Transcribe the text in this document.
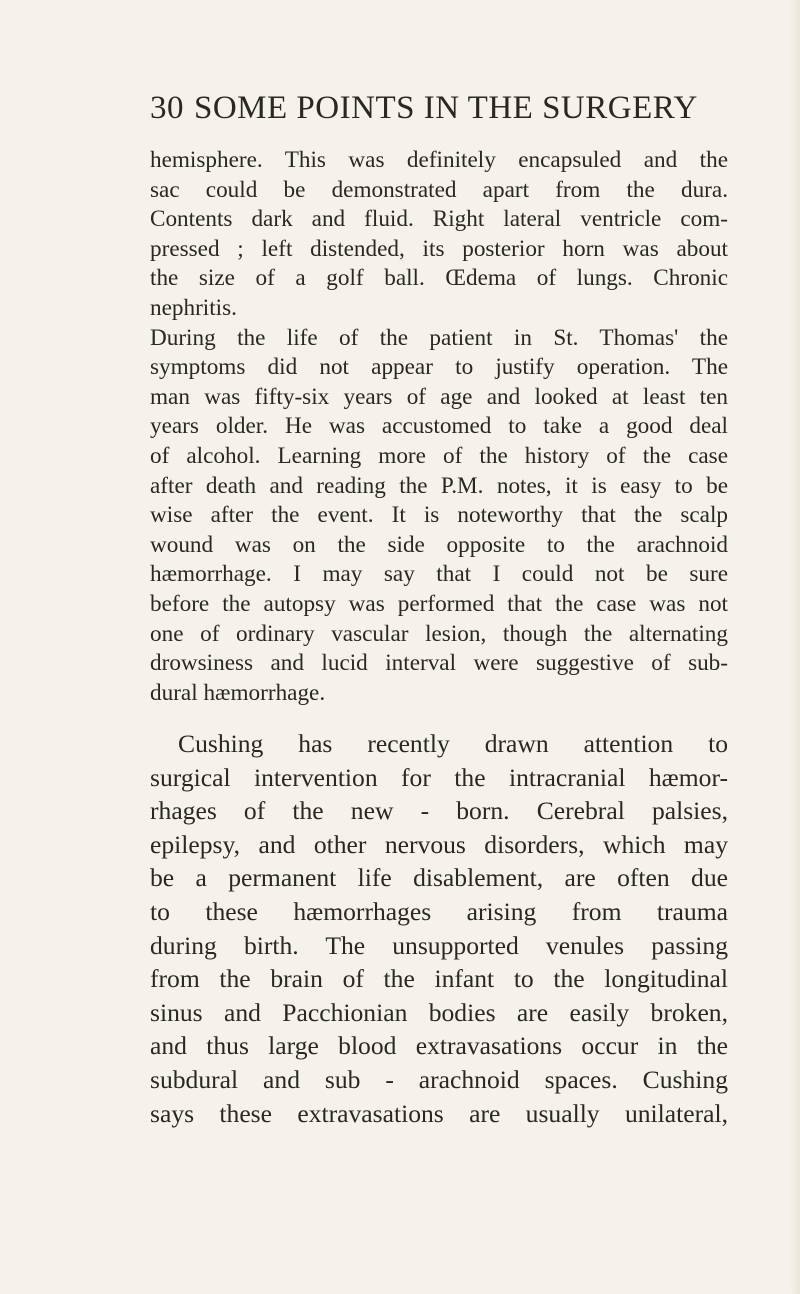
30 SOME POINTS IN THE SURGERY
hemisphere. This was definitely encapsuled and the
sac could be demonstrated apart from the dura.
Contents dark and fluid. Right lateral ventricle com-
pressed ; left distended, its posterior horn was about
the size of a golf ball. Œdema of lungs. Chronic
nephritis.
During the life of the patient in St. Thomas' the
symptoms did not appear to justify operation. The
man was fifty-six years of age and looked at least ten
years older. He was accustomed to take a good deal
of alcohol. Learning more of the history of the case
after death and reading the P.M. notes, it is easy to be
wise after the event. It is noteworthy that the scalp
wound was on the side opposite to the arachnoid
hæmorrhage. I may say that I could not be sure
before the autopsy was performed that the case was not
one of ordinary vascular lesion, though the alternating
drowsiness and lucid interval were suggestive of sub-
dural hæmorrhage.
Cushing has recently drawn attention to
surgical intervention for the intracranial hæmor-
rhages of the new - born. Cerebral palsies,
epilepsy, and other nervous disorders, which may
be a permanent life disablement, are often due
to these hæmorrhages arising from trauma
during birth. The unsupported venules passing
from the brain of the infant to the longitudinal
sinus and Pacchionian bodies are easily broken,
and thus large blood extravasations occur in the
subdural and sub - arachnoid spaces. Cushing
says these extravasations are usually unilateral,
